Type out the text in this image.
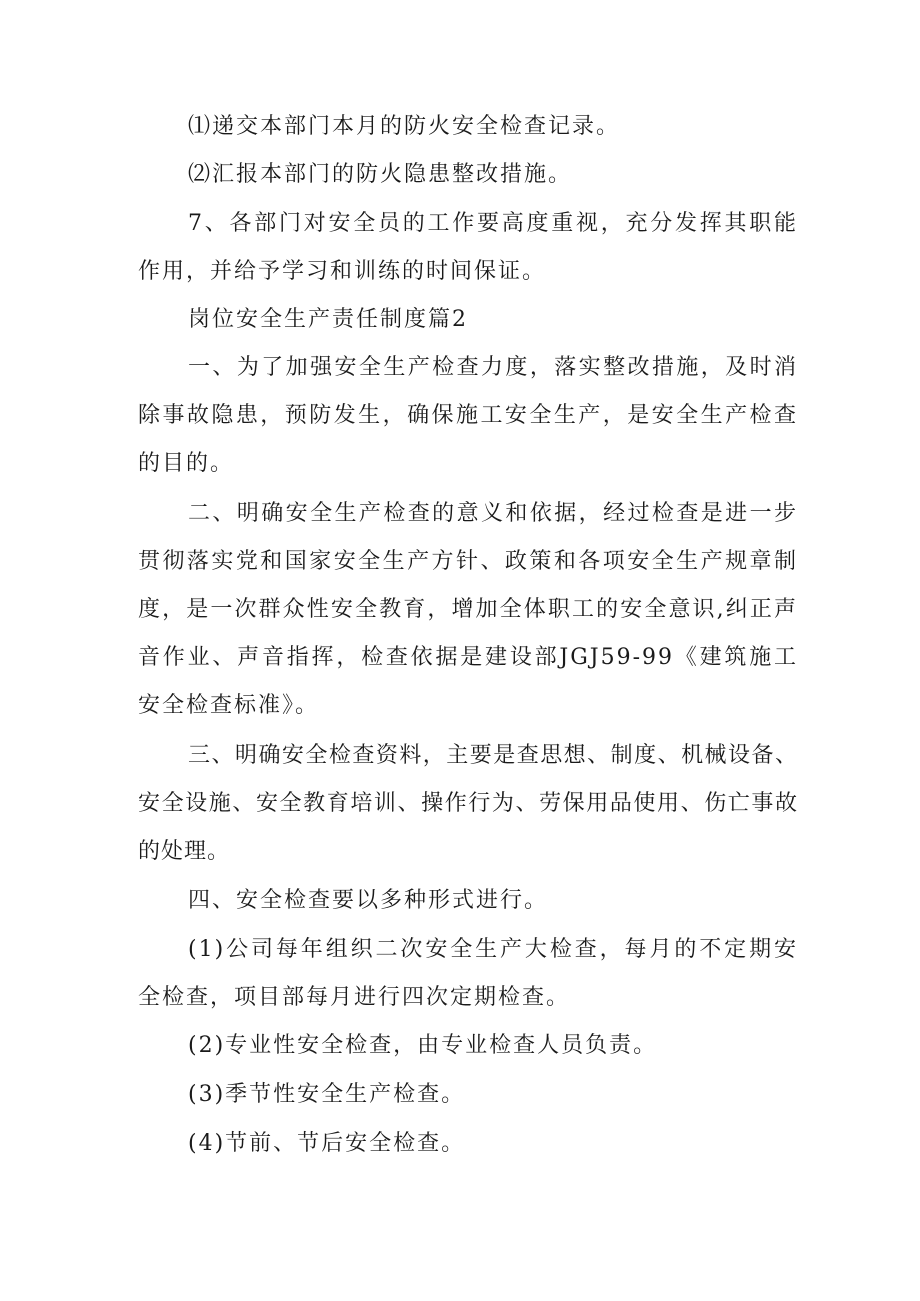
⑴递交本部门本月的防火安全检查记录。

⑵汇报本部门的防火隐患整改措施。

7、各部门对安全员的工作要高度重视，充分发挥其职能作用，并给予学习和训练的时间保证。

岗位安全生产责任制度篇2

一、为了加强安全生产检查力度，落实整改措施，及时消除事故隐患，预防发生，确保施工安全生产，是安全生产检查的目的。

二、明确安全生产检查的意义和依据，经过检查是进一步贯彻落实党和国家安全生产方针、政策和各项安全生产规章制度，是一次群众性安全教育，增加全体职工的安全意识,纠正声音作业、声音指挥，检查依据是建设部JGJ59-99《建筑施工安全检查标准》。

三、明确安全检查资料，主要是查思想、制度、机械设备、安全设施、安全教育培训、操作行为、劳保用品使用、伤亡事故的处理。

四、安全检查要以多种形式进行。

(1)公司每年组织二次安全生产大检查，每月的不定期安全检查，项目部每月进行四次定期检查。

(2)专业性安全检查，由专业检查人员负责。

(3)季节性安全生产检查。

(4)节前、节后安全检查。
